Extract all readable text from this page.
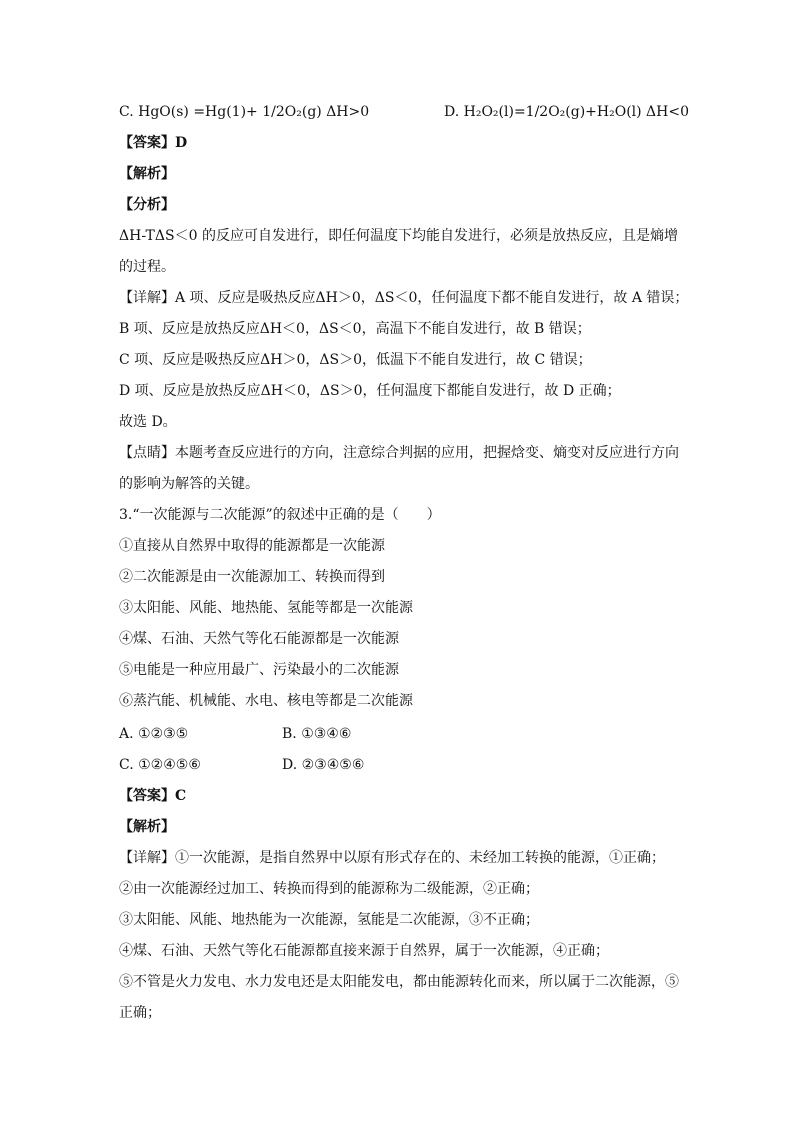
C. HgO(s) =Hg(1)+ 1/2O₂(g) ΔH>0	D. H₂O₂(l)=1/2O₂(g)+H₂O(l) ΔH<0
【答案】D
【解析】
【分析】
ΔH-TΔS＜0 的反应可自发进行，即任何温度下均能自发进行，必须是放热反应，且是熵增
的过程。
【详解】A 项、反应是吸热反应ΔH＞0，ΔS＜0，任何温度下都不能自发进行，故 A 错误；
B 项、反应是放热反应ΔH＜0，ΔS＜0，高温下不能自发进行，故 B 错误；
C 项、反应是吸热反应ΔH＞0，ΔS＞0，低温下不能自发进行，故 C 错误；
D 项、反应是放热反应ΔH＜0，ΔS＞0，任何温度下都能自发进行，故 D 正确；
故选 D。
【点睛】本题考查反应进行的方向，注意综合判据的应用，把握焓变、熵变对反应进行方向
的影响为解答的关键。
3.“一次能源与二次能源”的叙述中正确的是（　　）
①直接从自然界中取得的能源都是一次能源
②二次能源是由一次能源加工、转换而得到
③太阳能、风能、地热能、氢能等都是一次能源
④煤、石油、天然气等化石能源都是一次能源
⑤电能是一种应用最广、污染最小的二次能源
⑥蒸汽能、机械能、水电、核电等都是二次能源
A. ①②③⑤	B. ①③④⑥
C. ①②④⑤⑥	D. ②③④⑤⑥
【答案】C
【解析】
【详解】①一次能源，是指自然界中以原有形式存在的、未经加工转换的能源，①正确；
②由一次能源经过加工、转换而得到的能源称为二级能源，②正确；
③太阳能、风能、地热能为一次能源，氢能是二次能源，③不正确；
④煤、石油、天然气等化石能源都直接来源于自然界，属于一次能源，④正确；
⑤不管是火力发电、水力发电还是太阳能发电，都由能源转化而来，所以属于二次能源，⑤
正确；
